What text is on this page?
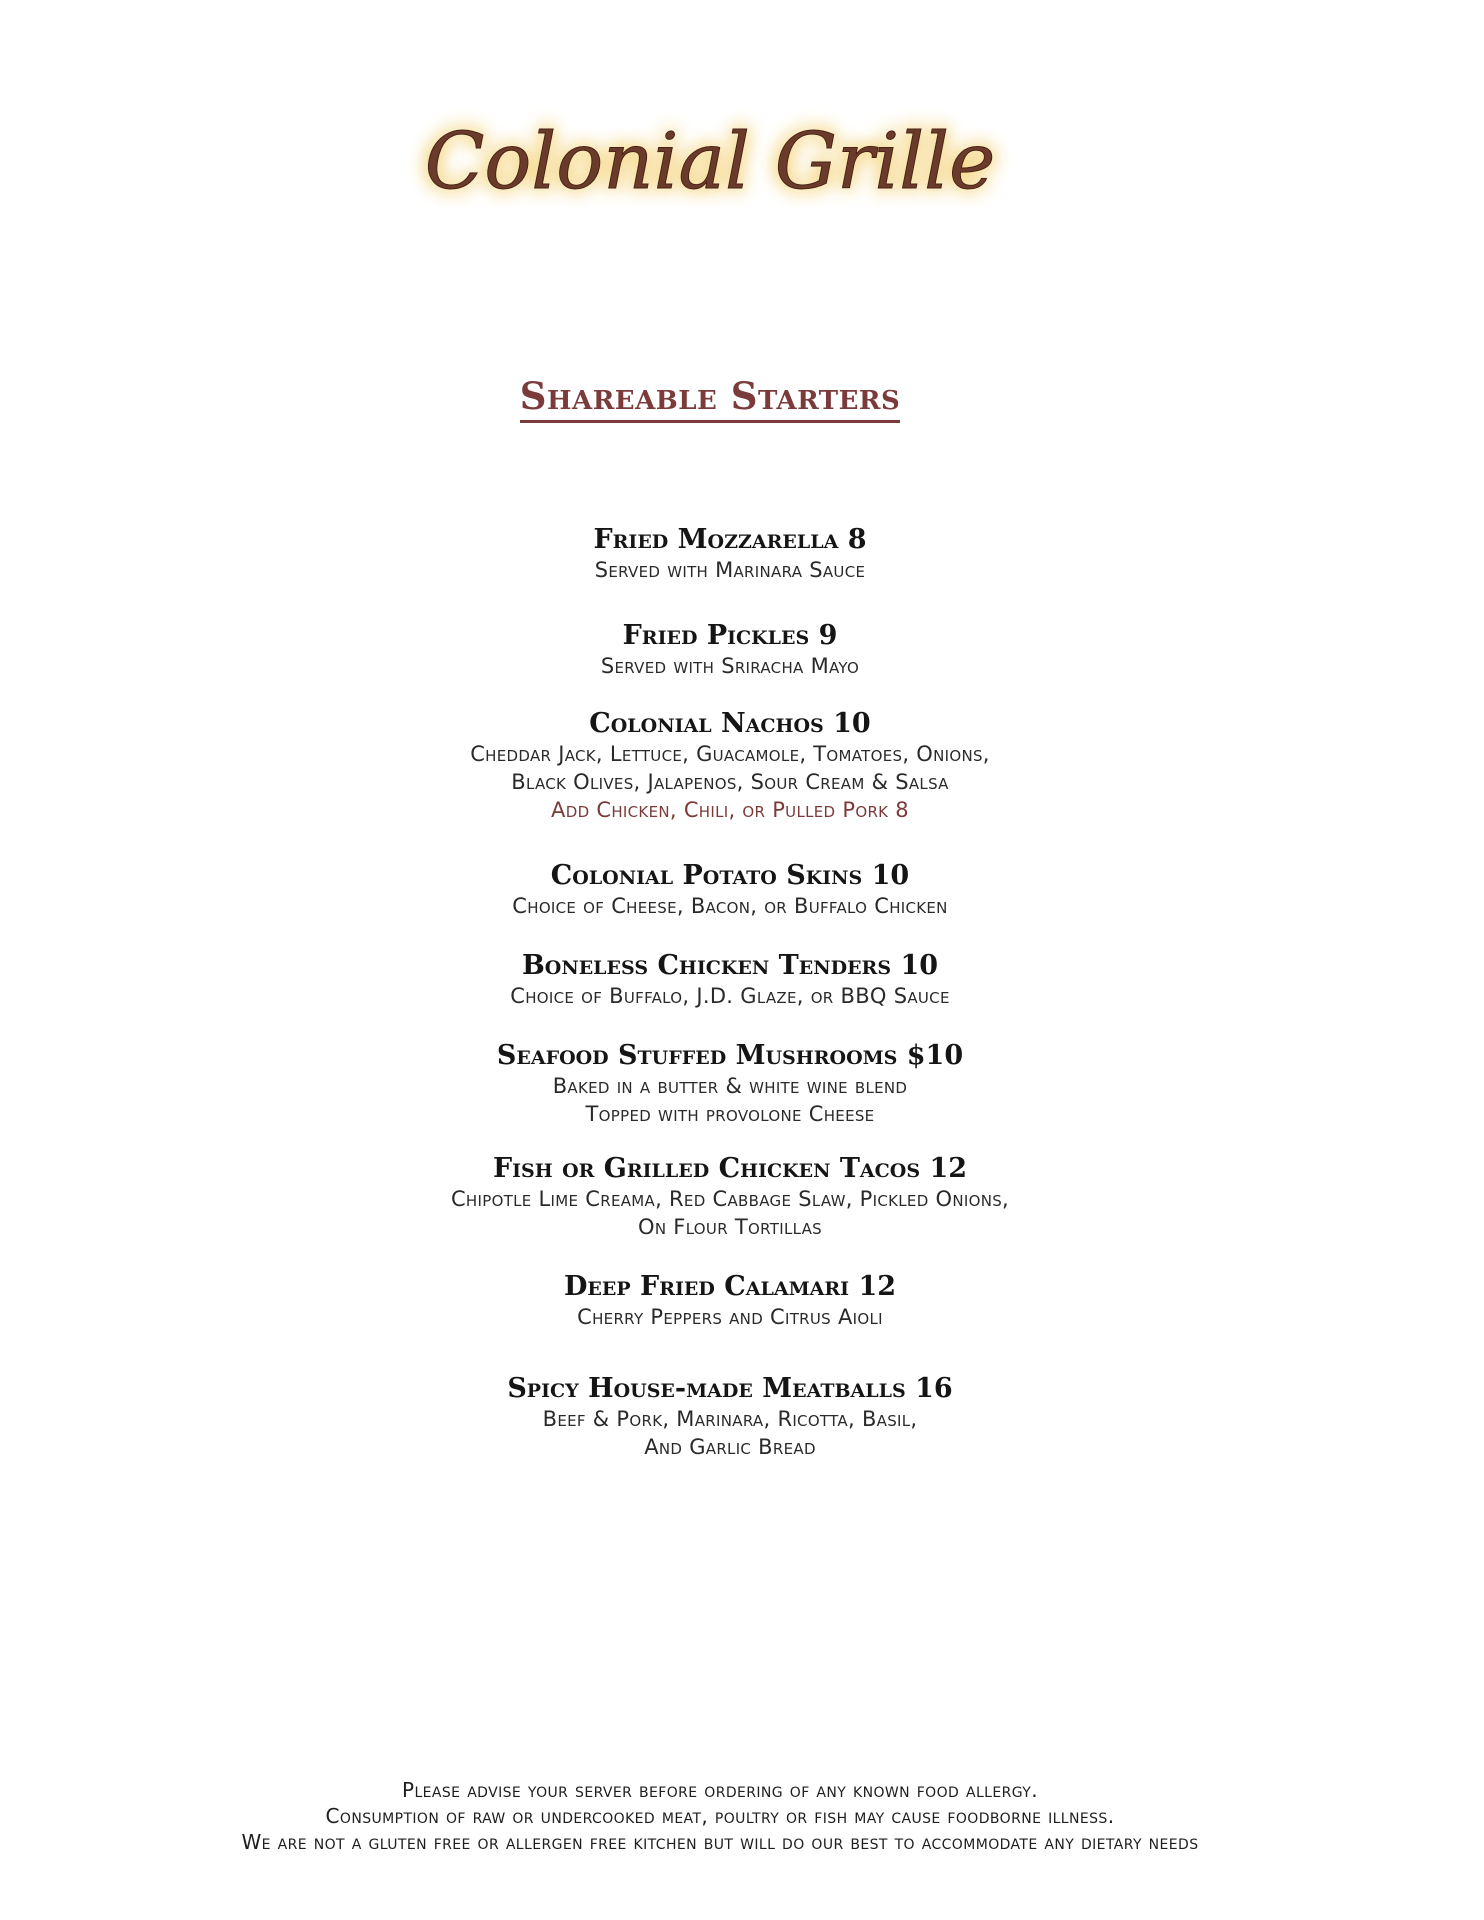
Colonial Grille
Shareable Starters
Fried Mozzarella 8
Served with Marinara Sauce
Fried Pickles 9
Served with Sriracha Mayo
Colonial Nachos 10
Cheddar Jack, Lettuce, Guacamole, Tomatoes, Onions,
Black Olives, Jalapenos, Sour Cream & Salsa
Add Chicken, Chili, or Pulled Pork 8
Colonial Potato Skins 10
Choice of Cheese, Bacon, or Buffalo Chicken
Boneless Chicken Tenders 10
Choice of Buffalo, J.D. Glaze, or BBQ Sauce
Seafood Stuffed Mushrooms $10
Baked in a butter & white wine blend
Topped with provolone Cheese
Fish or Grilled Chicken Tacos 12
Chipotle Lime Creama, Red Cabbage Slaw, Pickled Onions,
On Flour Tortillas
Deep Fried Calamari 12
Cherry Peppers and Citrus Aioli
Spicy House-made Meatballs 16
Beef & Pork, Marinara, Ricotta, Basil,
And Garlic Bread
Please advise your server before ordering of any known food allergy.
Consumption of raw or undercooked meat, poultry or fish may cause foodborne illness.
We are not a gluten free or allergen free kitchen but will do our best to accommodate any dietary needs
